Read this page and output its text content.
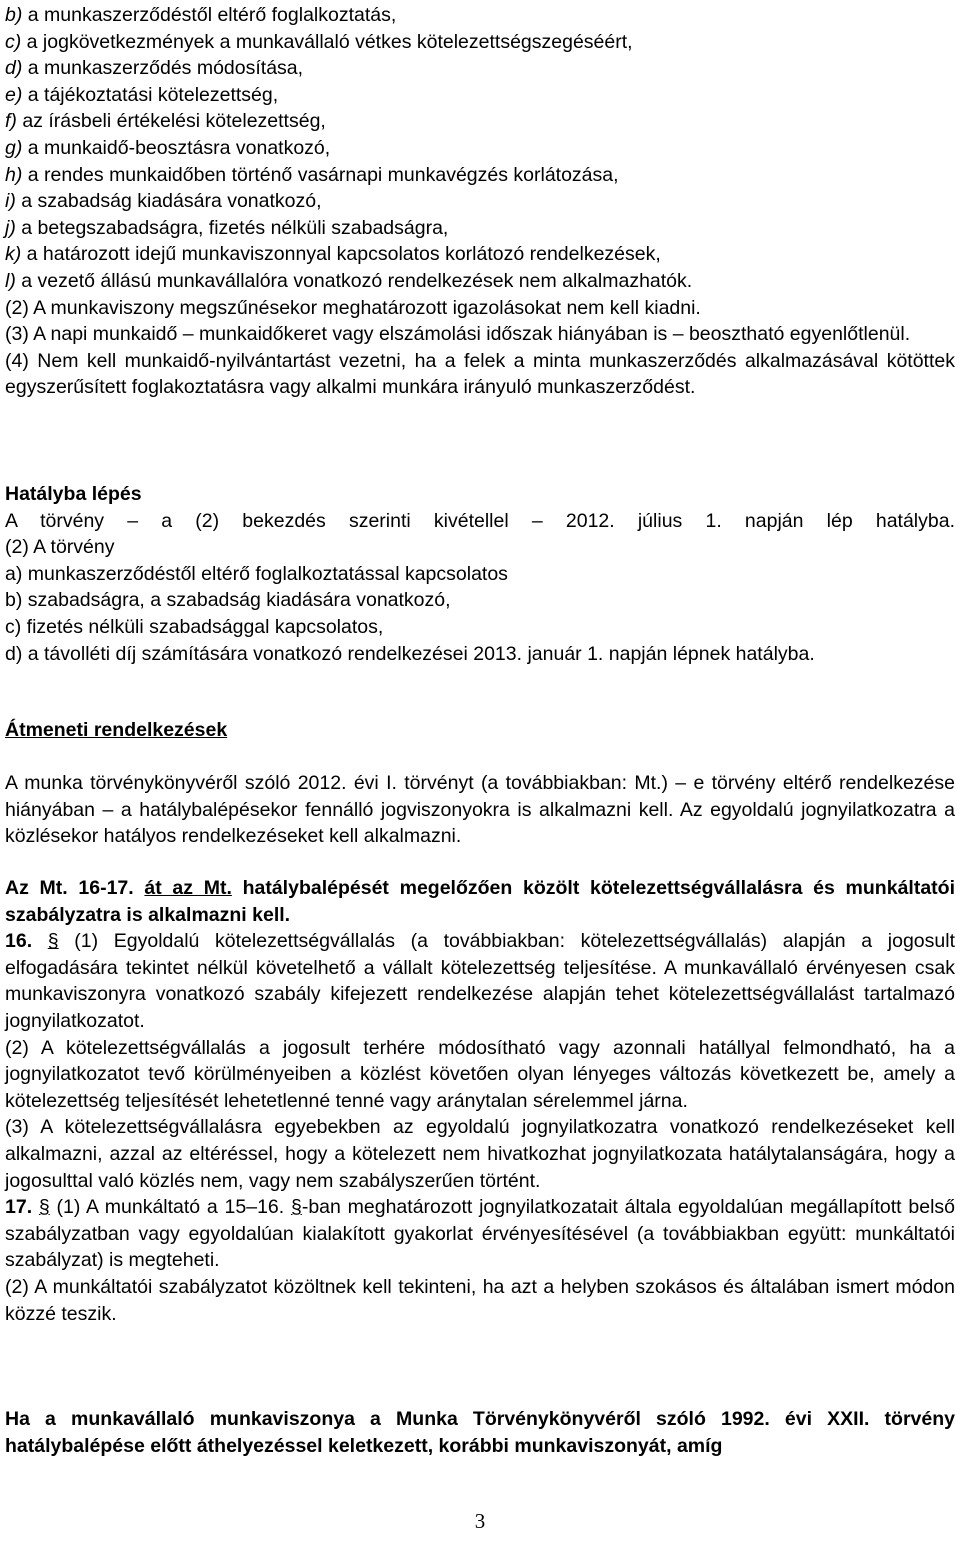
b) a munkaszerződéstől eltérő foglalkoztatás,
c) a jogkövetkezmények a munkavállaló vétkes kötelezettségszegéséért,
d) a munkaszerződés módosítása,
e) a tájékoztatási kötelezettség,
f) az írásbeli értékelési kötelezettség,
g) a munkaidő-beosztásra vonatkozó,
h) a rendes munkaidőben történő vasárnapi munkavégzés korlátozása,
i) a szabadság kiadására vonatkozó,
j) a betegszabadságra, fizetés nélküli szabadságra,
k) a határozott idejű munkaviszonnyal kapcsolatos korlátozó rendelkezések,
l) a vezető állású munkavállalóra vonatkozó rendelkezések nem alkalmazhatók.

(2) A munkaviszony megszűnésekor meghatározott igazolásokat nem kell kiadni.

(3) A napi munkaidő – munkaidőkeret vagy elszámolási időszak hiányában is – beosztható egyenlőtlenül.

(4) Nem kell munkaidő-nyilvántartást vezetni, ha a felek a minta munkaszerződés alkalmazásával kötöttek egyszerűsített foglakoztatásra vagy alkalmi munkára irányuló munkaszerződést.

Hatályba lépés
A törvény – a (2) bekezdés szerinti kivétellel – 2012. július 1. napján lép hatályba.
(2) A törvény
a) munkaszerződéstől eltérő foglalkoztatással kapcsolatos
b) szabadságra, a szabadság kiadására vonatkozó,
c) fizetés nélküli szabadsággal kapcsolatos,
d) a távolléti díj számítására vonatkozó rendelkezései 2013. január 1. napján lépnek hatályba.
Átmeneti rendelkezések

A munka törvénykönyvéről szóló 2012. évi I. törvényt (a továbbiakban: Mt.) – e törvény eltérő rendelkezése hiányában – a hatálybalépésekor fennálló jogviszonyokra is alkalmazni kell. Az egyoldalú jognyilatkozatra a közlésekor hatályos rendelkezéseket kell alkalmazni.

Az Mt. 16-17. át az Mt. hatálybalépését megelőzően közölt kötelezettségvállalásra és munkáltatói szabályzatra is alkalmazni kell.

16. § (1) Egyoldalú kötelezettségvállalás (a továbbiakban: kötelezettségvállalás) alapján a jogosult elfogadására tekintet nélkül követelhető a vállalt kötelezettség teljesítése. A munkavállaló érvényesen csak munkaviszonyra vonatkozó szabály kifejezett rendelkezése alapján tehet kötelezettségvállalást tartalmazó jognyilatkozatot.

(2) A kötelezettségvállalás a jogosult terhére módosítható vagy azonnali hatállyal felmondható, ha a jognyilatkozatot tevő körülményeiben a közlést követően olyan lényeges változás következett be, amely a kötelezettség teljesítését lehetetlenné tenné vagy aránytalan sérelemmel járna.

(3) A kötelezettségvállalásra egyebekben az egyoldalú jognyilatkozatra vonatkozó rendelkezéseket kell alkalmazni, azzal az eltéréssel, hogy a kötelezett nem hivatkozhat jognyilatkozata hatálytalanságára, hogy a jogosulttal való közlés nem, vagy nem szabályszerűen történt.

17. § (1) A munkáltató a 15–16. §-ban meghatározott jognyilatkozatait általa egyoldalúan megállapított belső szabályzatban vagy egyoldalúan kialakított gyakorlat érvényesítésével (a továbbiakban együtt: munkáltatói szabályzat) is megteheti.

(2) A munkáltatói szabályzatot közöltnek kell tekinteni, ha azt a helyben szokásos és általában ismert módon közzé teszik.

Ha a munkavállaló munkaviszonya a Munka Törvénykönyvéről szóló 1992. évi XXII. törvény hatálybalépése előtt áthelyezéssel keletkezett, korábbi munkaviszonyát, amíg

3
